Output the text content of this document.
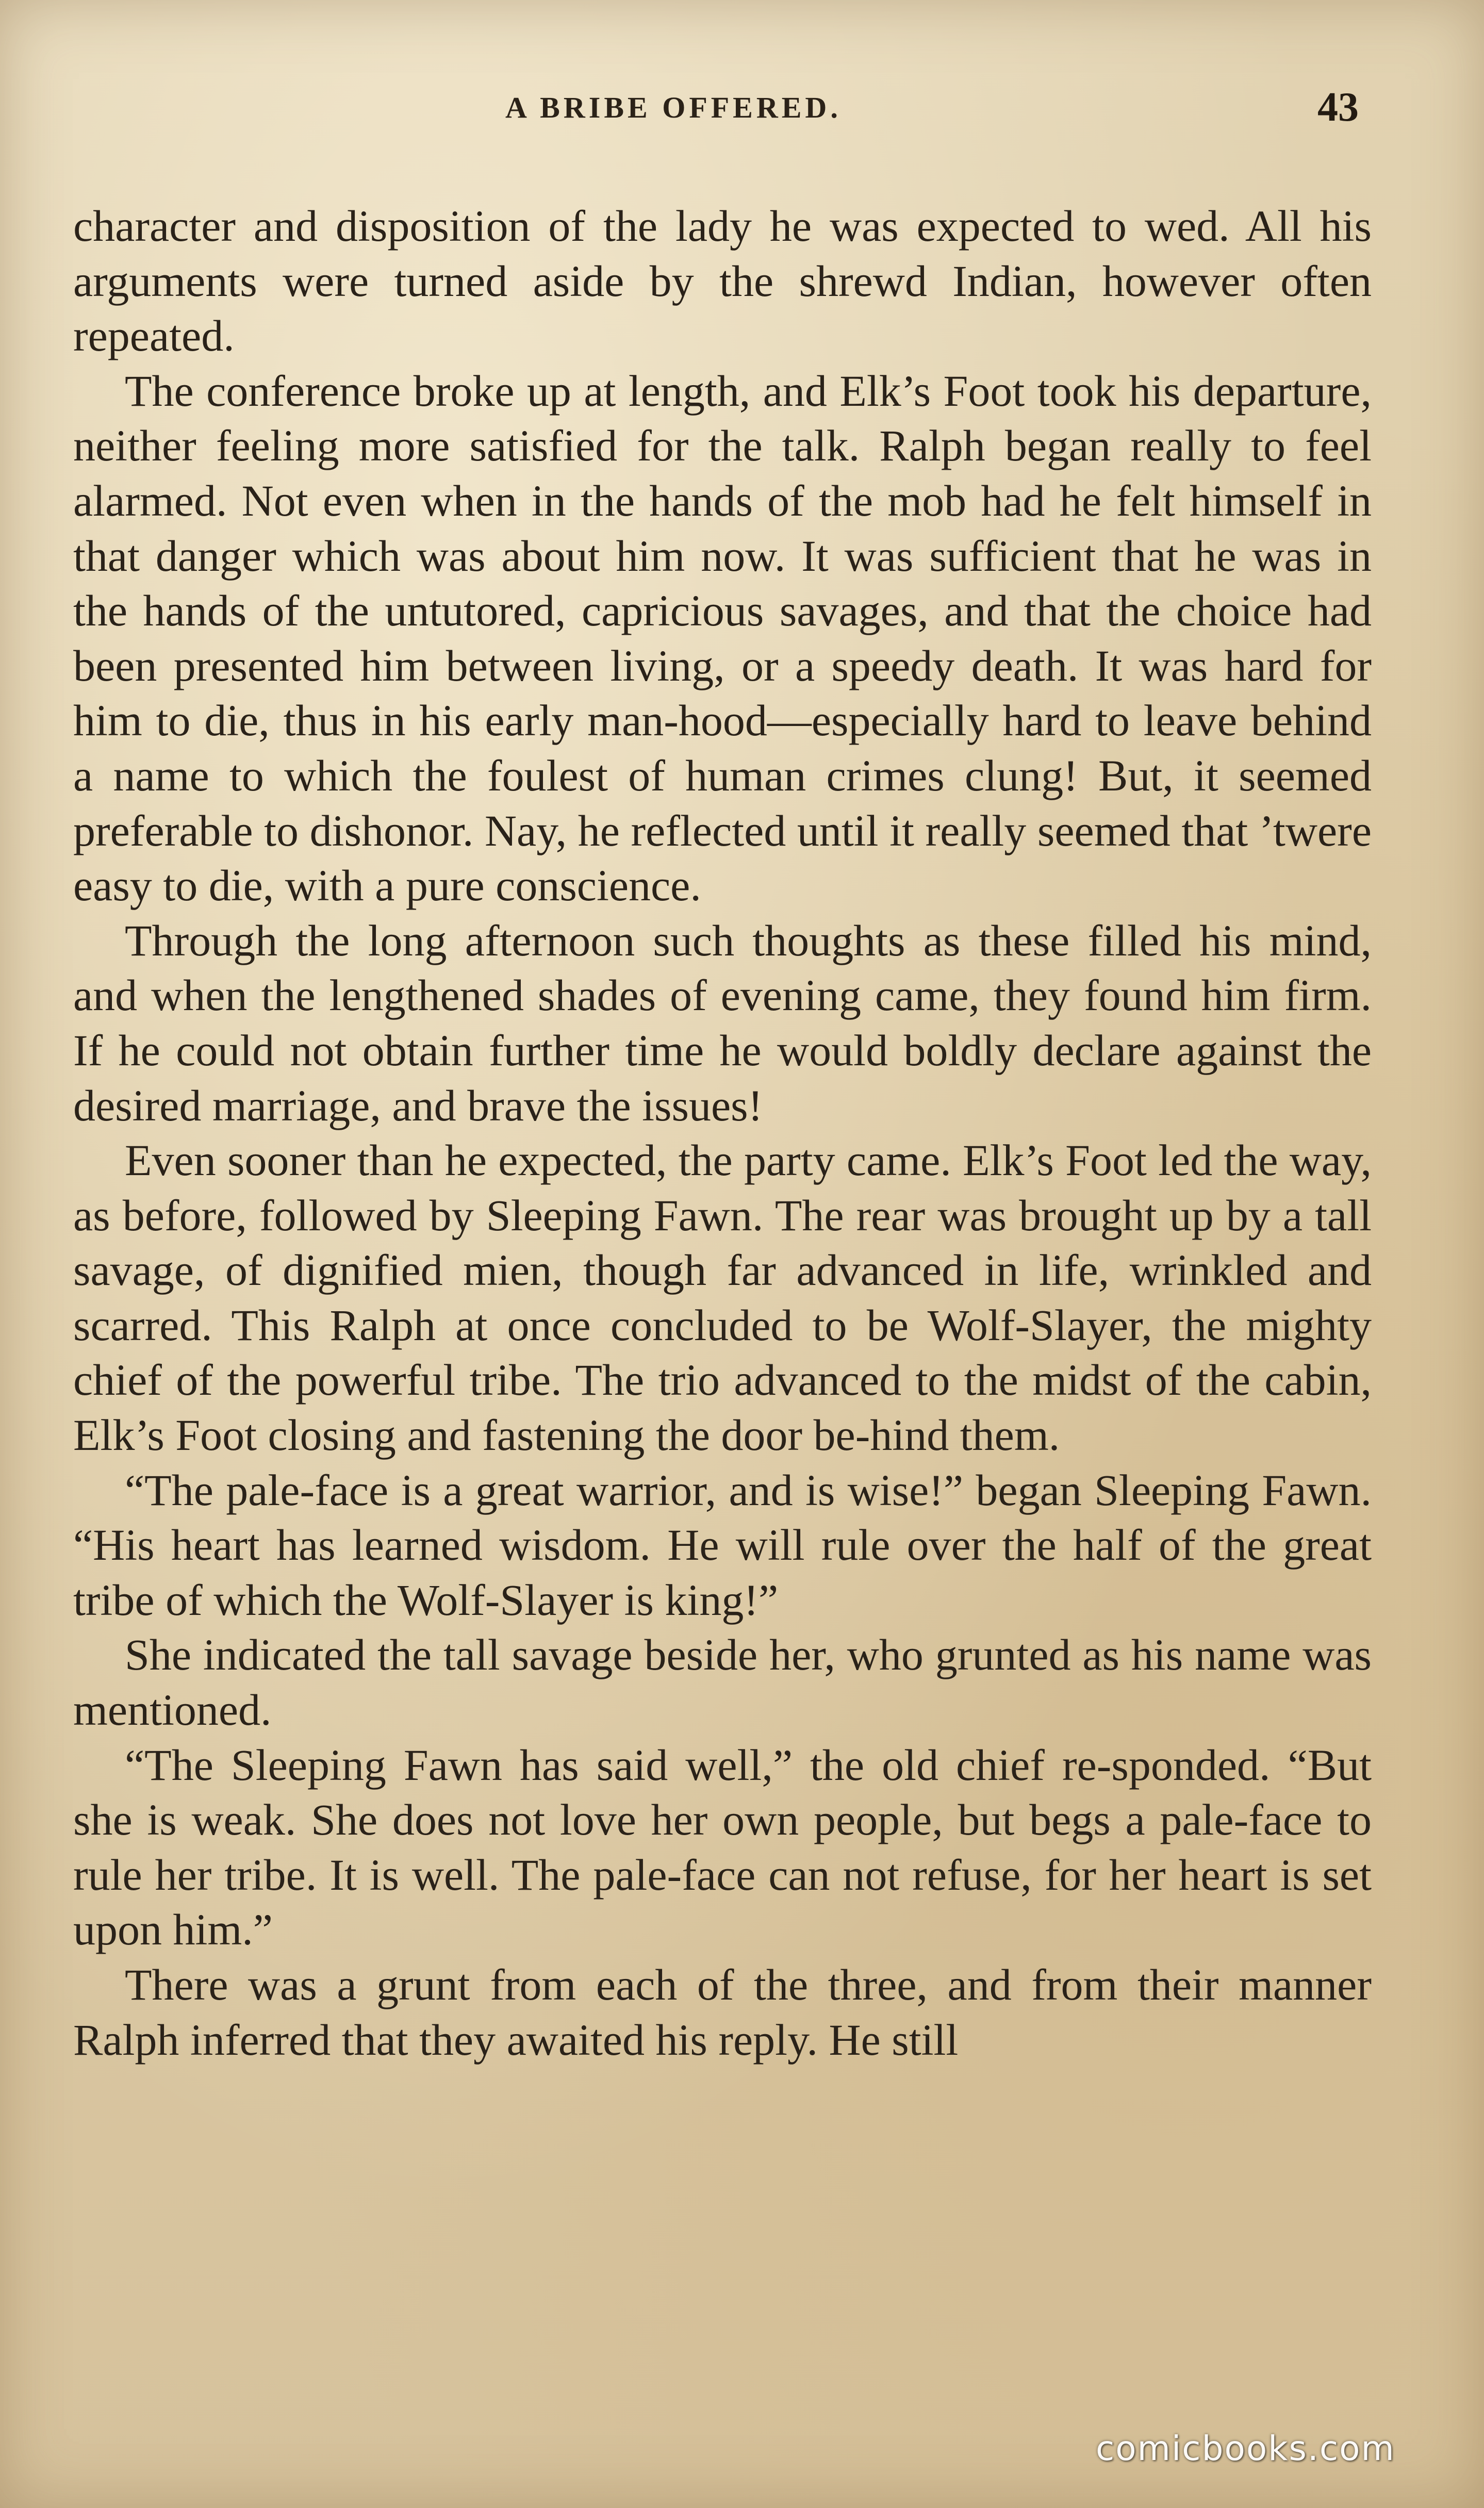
A BRIBE OFFERED.	43

character and disposition of the lady he was expected to wed. All his arguments were turned aside by the shrewd Indian, however often repeated.

The conference broke up at length, and Elk’s Foot took his departure, neither feeling more satisfied for the talk. Ralph began really to feel alarmed. Not even when in the hands of the mob had he felt himself in that danger which was about him now. It was sufficient that he was in the hands of the untutored, capricious savages, and that the choice had been presented him between living, or a speedy death. It was hard for him to die, thus in his early man-hood—especially hard to leave behind a name to which the foulest of human crimes clung! But, it seemed preferable to dishonor. Nay, he reflected until it really seemed that ’twere easy to die, with a pure conscience.

Through the long afternoon such thoughts as these filled his mind, and when the lengthened shades of evening came, they found him firm. If he could not obtain further time he would boldly declare against the desired marriage, and brave the issues!

Even sooner than he expected, the party came. Elk’s Foot led the way, as before, followed by Sleeping Fawn. The rear was brought up by a tall savage, of dignified mien, though far advanced in life, wrinkled and scarred. This Ralph at once concluded to be Wolf-Slayer, the mighty chief of the powerful tribe. The trio advanced to the midst of the cabin, Elk’s Foot closing and fastening the door be-hind them.

“The pale-face is a great warrior, and is wise!” began Sleeping Fawn. “His heart has learned wisdom. He will rule over the half of the great tribe of which the Wolf-Slayer is king!”

She indicated the tall savage beside her, who grunted as his name was mentioned.

“The Sleeping Fawn has said well,” the old chief re-sponded. “But she is weak. She does not love her own people, but begs a pale-face to rule her tribe. It is well. The pale-face can not refuse, for her heart is set upon him.”

There was a grunt from each of the three, and from their manner Ralph inferred that they awaited his reply. He still

comicbooks.com
